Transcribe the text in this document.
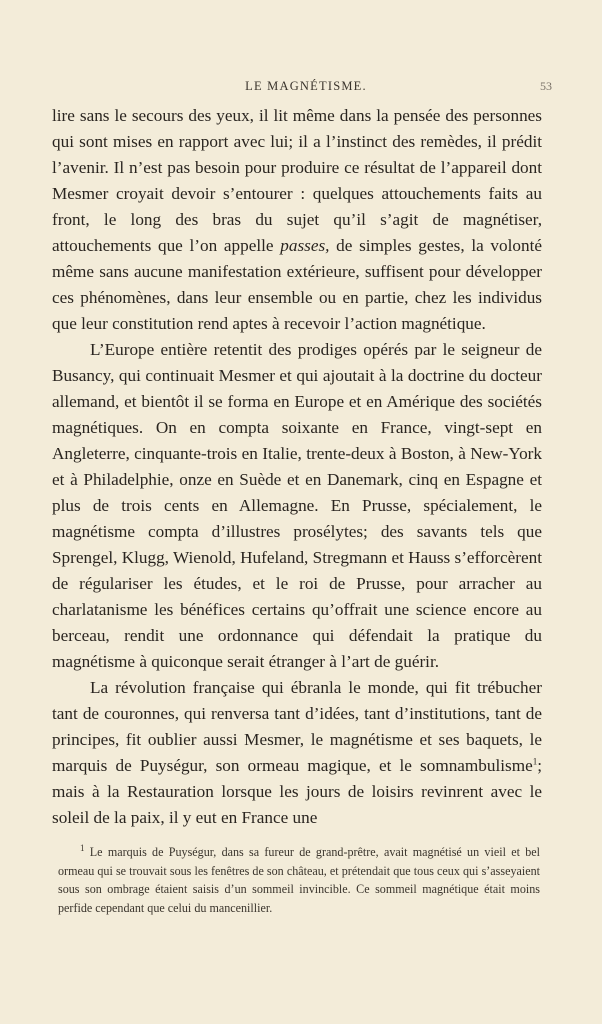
LE MAGNÉTISME.	53

lire sans le secours des yeux, il lit même dans la pensée des personnes qui sont mises en rapport avec lui; il a l’instinct des remèdes, il prédit l’avenir. Il n’est pas besoin pour produire ce résultat de l’appareil dont Mesmer croyait devoir s’entourer : quelques attouchements faits au front, le long des bras du sujet qu’il s’agit de magnétiser, attouchements que l’on appelle passes, de simples gestes, la volonté même sans aucune manifestation extérieure, suffisent pour développer ces phénomènes, dans leur ensemble ou en partie, chez les individus que leur constitution rend aptes à recevoir l’action magnétique.

L’Europe entière retentit des prodiges opérés par le seigneur de Busancy, qui continuait Mesmer et qui ajoutait à la doctrine du docteur allemand, et bientôt il se forma en Europe et en Amérique des sociétés magnétiques. On en compta soixante en France, vingt-sept en Angleterre, cinquante-trois en Italie, trente-deux à Boston, à New-York et à Philadelphie, onze en Suède et en Danemark, cinq en Espagne et plus de trois cents en Allemagne. En Prusse, spécialement, le magnétisme compta d’illustres prosélytes; des savants tels que Sprengel, Klugg, Wienold, Hufeland, Stregmann et Hauss s’efforcèrent de régulariser les études, et le roi de Prusse, pour arracher au charlatanisme les bénéfices certains qu’offrait une science encore au berceau, rendit une ordonnance qui défendait la pratique du magnétisme à quiconque serait étranger à l’art de guérir.

La révolution française qui ébranla le monde, qui fit trébucher tant de couronnes, qui renversa tant d’idées, tant d’institutions, tant de principes, fit oublier aussi Mesmer, le magnétisme et ses baquets, le marquis de Puységur, son ormeau magique, et le somnambulisme$^1$; mais à la Restauration lorsque les jours de loisirs revinrent avec le soleil de la paix, il y eut en France une

$^1$ Le marquis de Puységur, dans sa fureur de grand-prêtre, avait magnétisé un vieil et bel ormeau qui se trouvait sous les fenêtres de son château, et prétendait que tous ceux qui s’asseyaient sous son ombrage étaient saisis d’un sommeil invincible. Ce sommeil magnétique était moins perfide cependant que celui du mancenillier.
